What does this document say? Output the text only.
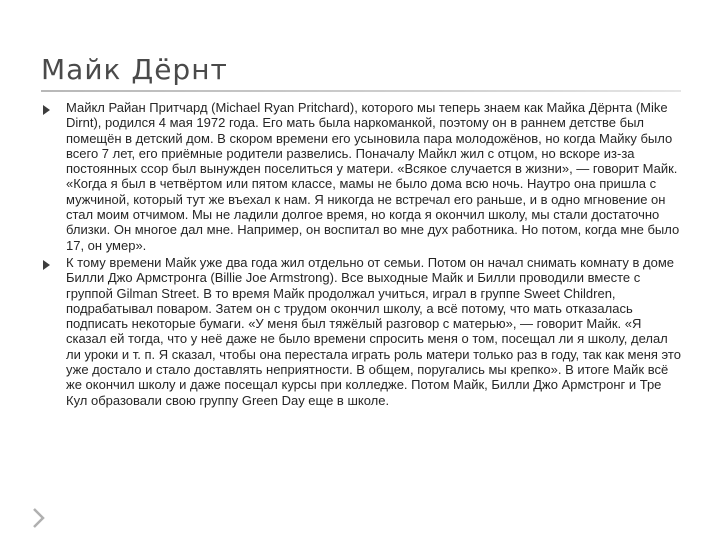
Майк Дёрнт
Майкл Райан Притчард (Michael Ryan Pritchard), которого мы теперь знаем как Майка Дёрнта (Mike Dirnt), родился 4 мая 1972 года. Его мать была наркоманкой, поэтому он в раннем детстве был помещён в детский дом. В скором времени его усыновила пара молодожёнов, но когда Майку было всего 7 лет, его приёмные родители развелись. Поначалу Майкл жил с отцом, но вскоре из-за постоянных ссор был вынужден поселиться у матери. «Всякое случается в жизни», — говорит Майк. «Когда я был в четвёртом или пятом классе, мамы не было дома всю ночь. Наутро она пришла с мужчиной, который тут же въехал к нам. Я никогда не встречал его раньше, и в одно мгновение он стал моим отчимом. Мы не ладили долгое время, но когда я окончил школу, мы стали достаточно близки. Он многое дал мне. Например, он воспитал во мне дух работника. Но потом, когда мне было 17, он умер».
К тому времени Майк уже два года жил отдельно от семьи. Потом он начал снимать комнату в доме Билли Джо Армстронга (Billie Joe Armstrong). Все выходные Майк и Билли проводили вместе с группой Gilman Street. В то время Майк продолжал учиться, играл в группе Sweet Children, подрабатывал поваром. Затем он с трудом окончил школу, а всё потому, что мать отказалась подписать некоторые бумаги. «У меня был тяжёлый разговор с матерью», — говорит Майк. «Я сказал ей тогда, что у неё даже не было времени спросить меня о том, посещал ли я школу, делал ли уроки и т. п. Я сказал, чтобы она перестала играть роль матери только раз в году, так как меня это уже достало и стало доставлять неприятности. В общем, поругались мы крепко». В итоге Майк всё же окончил школу и даже посещал курсы при колледже. Потом Майк, Билли Джо Армстронг и Тре Кул образовали свою группу Green Day еще в школе.
